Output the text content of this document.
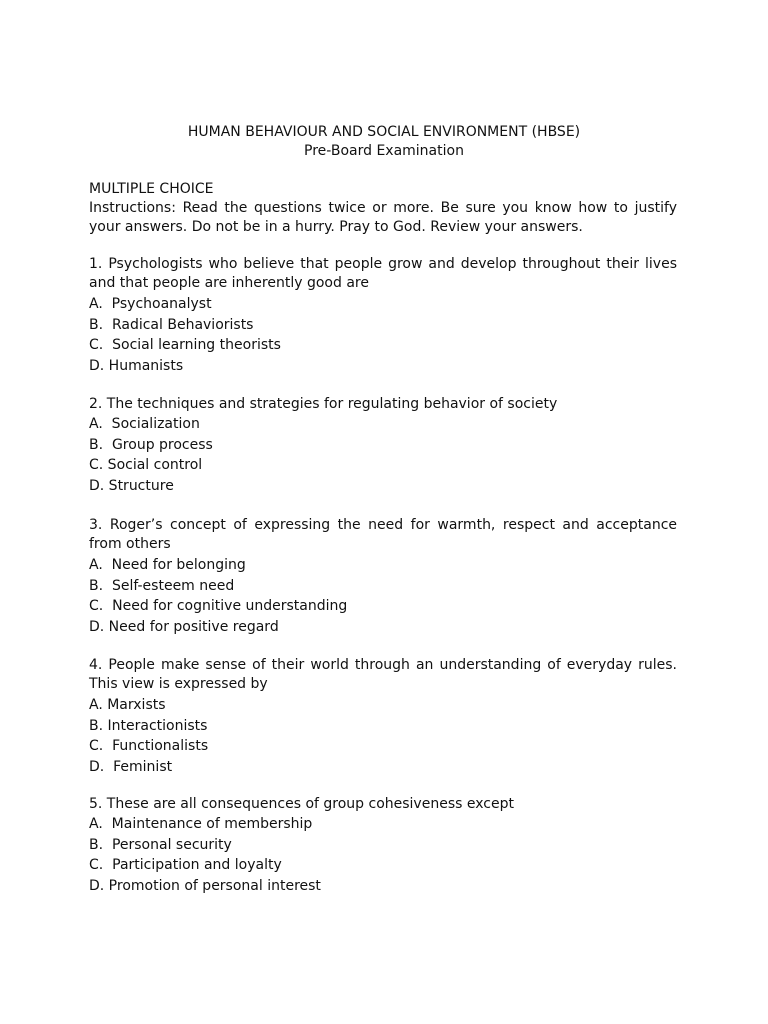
HUMAN BEHAVIOUR AND SOCIAL ENVIRONMENT (HBSE)
Pre-Board Examination
MULTIPLE CHOICE
Instructions: Read the questions twice or more. Be sure you know how to justify your answers. Do not be in a hurry. Pray to God. Review your answers.

1. Psychologists who believe that people grow and develop throughout their lives and that people are inherently good are

A.  Psychoanalyst
B.  Radical Behaviorists
C.  Social learning theorists
D. Humanists

2. The techniques and strategies for regulating behavior of society

A.  Socialization
B.  Group process
C. Social control
D. Structure

3. Roger’s concept of expressing the need for warmth, respect and acceptance from others

A.  Need for belonging
B.  Self-esteem need
C.  Need for cognitive understanding
D. Need for positive regard

4. People make sense of their world through an understanding of everyday rules. This view is expressed by

A. Marxists
B. Interactionists
C.  Functionalists
D.  Feminist

5. These are all consequences of group cohesiveness except

A.  Maintenance of membership
B.  Personal security
C.  Participation and loyalty
D. Promotion of personal interest
